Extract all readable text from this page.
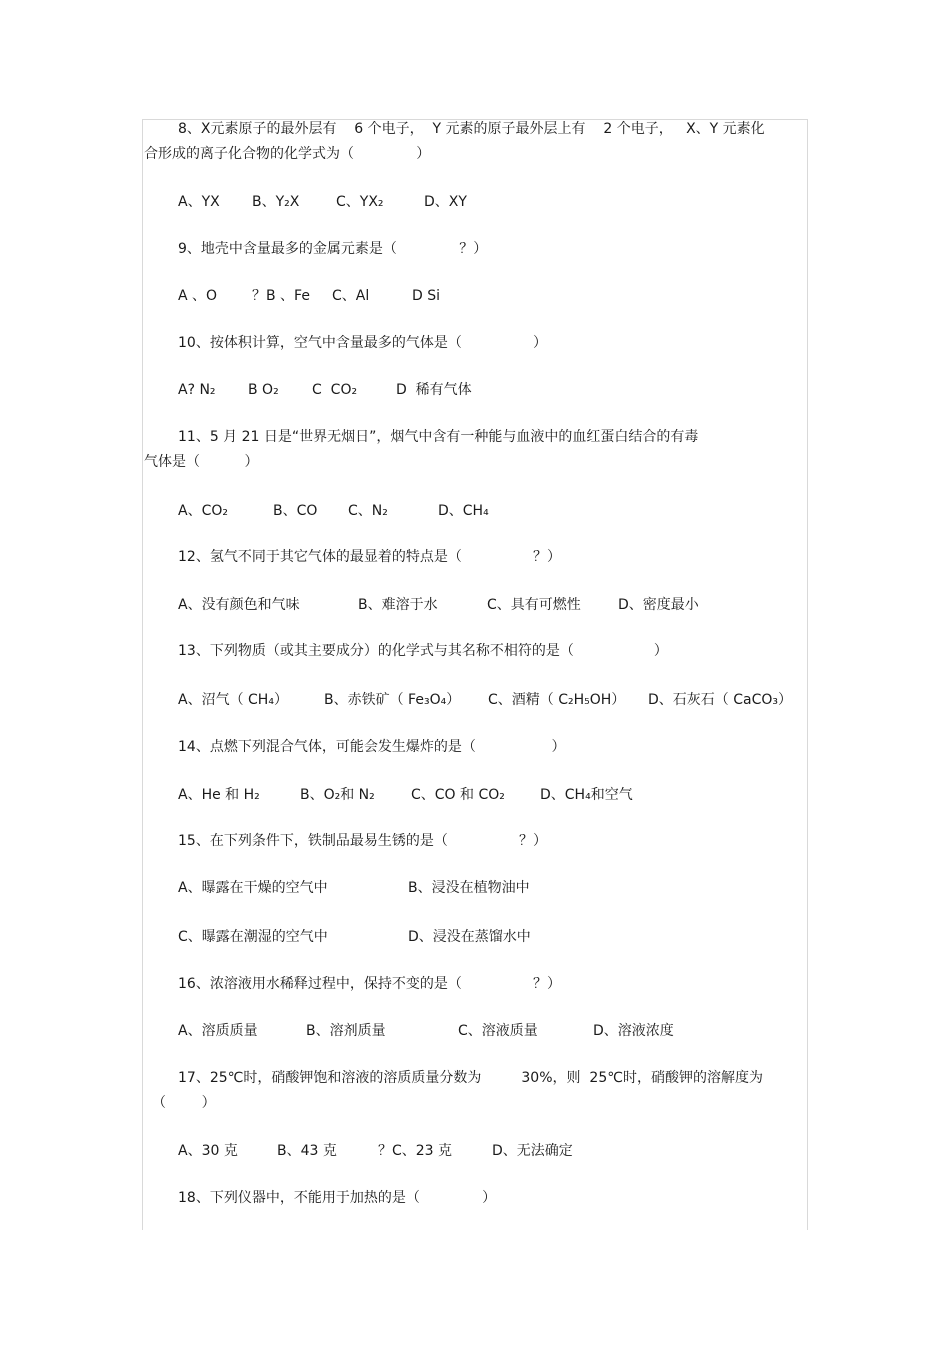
8、X元素原子的最外层有    6 个电子，  Y 元素的原子最外层上有    2 个电子，   X、Y 元素化
合形成的离子化合物的化学式为（              ）
A、YX B、Y₂X	C、YX₂	D、XY
9、地壳中含量最多的金属元素是（              ？）
A 、O ？B 、Fe C、Al	D Si
10、按体积计算，空气中含量最多的气体是（                ）
A? N₂ B O₂ C  CO₂	D  稀有气体
11、5 月 21 日是“世界无烟日”，烟气中含有一种能与血液中的血红蛋白结合的有毒
气体是（          ）
A、CO₂	B、CO C、N₂	D、CH₄
12、氢气不同于其它气体的最显着的特点是（                ？）
A、没有颜色和气味	B、难溶于水	C、具有可燃性	D、密度最小
13、下列物质（或其主要成分）的化学式与其名称不相符的是（                  ）
A、沼气（ CH₄）	B、赤铁矿（ Fe₃O₄） C、酒精（ C₂H₅OH） D、石灰石（ CaCO₃）
14、点燃下列混合气体，可能会发生爆炸的是（                 ）
A、He 和 H₂	B、O₂和 N₂	C、CO 和 CO₂	D、CH₄和空气
15、在下列条件下，铁制品最易生锈的是（                ？）
A、曝露在干燥的空气中	B、浸没在植物油中
C、曝露在潮湿的空气中	D、浸没在蒸馏水中
16、浓溶液用水稀释过程中，保持不变的是（                ？）
A、溶质质量	B、溶剂质量	C、溶液质量	D、溶液浓度
17、25℃时，硝酸钾饱和溶液的溶质质量分数为         30%，则  25℃时，硝酸钾的溶解度为
（        ）
A、30 克	B、43 克	？C、23 克	D、无法确定
18、下列仪器中，不能用于加热的是（              ）
